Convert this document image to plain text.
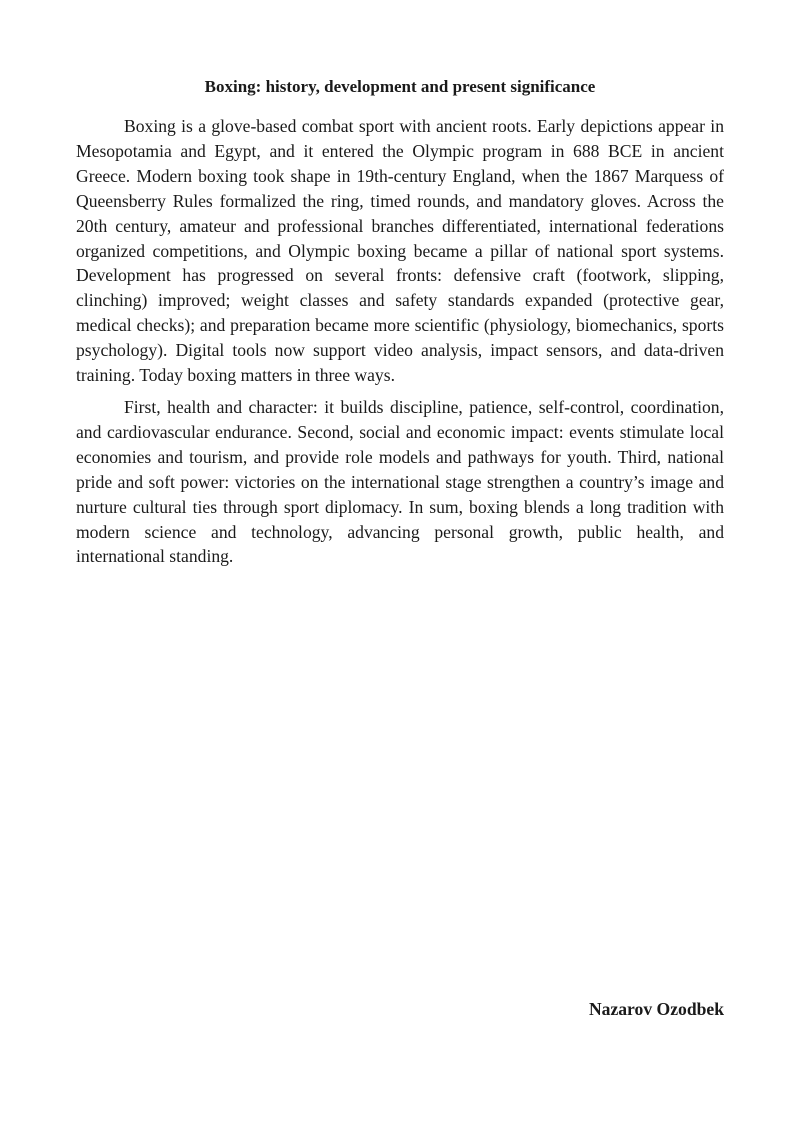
Boxing: history, development and present significance

Boxing is a glove-based combat sport with ancient roots. Early depictions appear in Mesopotamia and Egypt, and it entered the Olympic program in 688 BCE in ancient Greece. Modern boxing took shape in 19th-century England, when the 1867 Marquess of Queensberry Rules formalized the ring, timed rounds, and mandatory gloves. Across the 20th century, amateur and professional branches differentiated, international federations organized competitions, and Olympic boxing became a pillar of national sport systems. Development has progressed on several fronts: defensive craft (footwork, slipping, clinching) improved; weight classes and safety standards expanded (protective gear, medical checks); and preparation became more scientific (physiology, biomechanics, sports psychology). Digital tools now support video analysis, impact sensors, and data-driven training. Today boxing matters in three ways.

First, health and character: it builds discipline, patience, self-control, coordination, and cardiovascular endurance. Second, social and economic impact: events stimulate local economies and tourism, and provide role models and pathways for youth. Third, national pride and soft power: victories on the international stage strengthen a country’s image and nurture cultural ties through sport diplomacy. In sum, boxing blends a long tradition with modern science and technology, advancing personal growth, public health, and international standing.

Nazarov Ozodbek
